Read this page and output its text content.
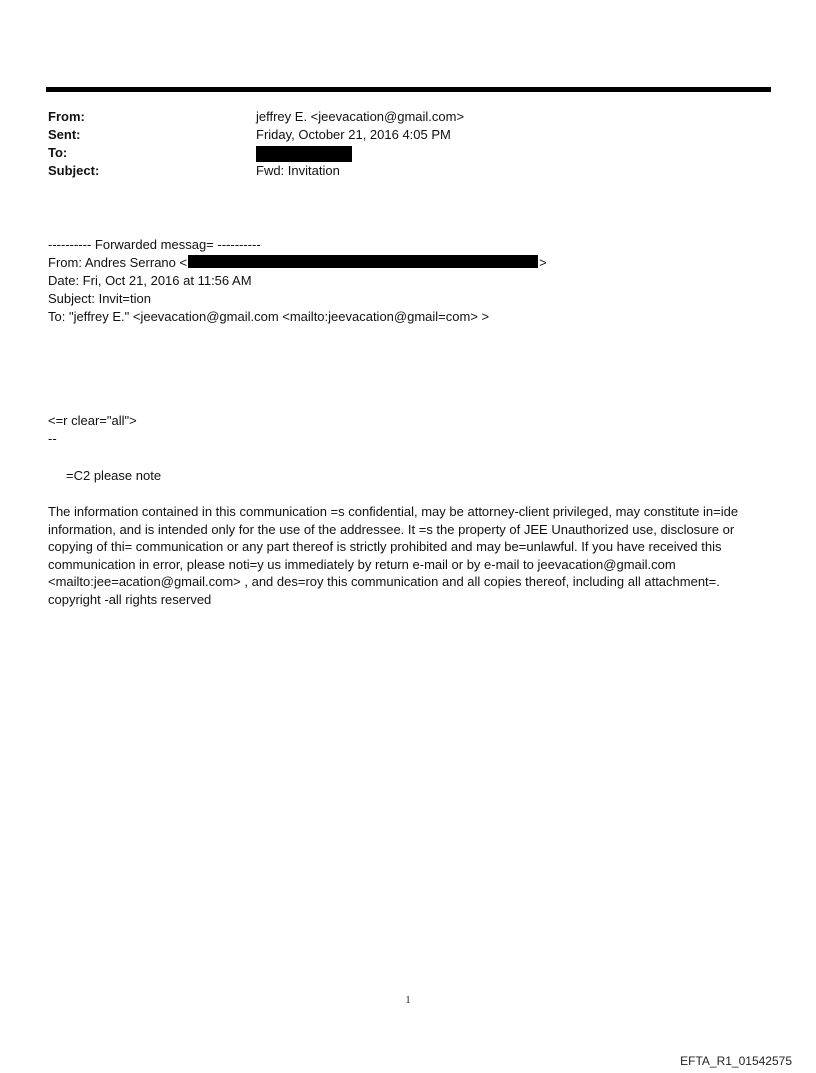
From:	jeffrey E. <jeevacation@gmail.com>
Sent:	Friday, October 21, 2016 4:05 PM
To:
Subject:	Fwd: Invitation
---------- Forwarded messag= ----------
From: Andres Serrano <	>
Date: Fri, Oct 21, 2016 at 11:56 AM
Subject: Invit=tion
To: "jeffrey E." <jeevacation@gmail.com <mailto:jeevacation@gmail=com> >
<=r clear="all">
--
=C2 please note
The information contained in this communication =s confidential, may be attorney-client privileged, may constitute in=ide information, and is intended only for the use of the addressee. It =s the property of JEE Unauthorized use, disclosure or copying of thi= communication or any part thereof is strictly prohibited and may be=unlawful. If you have received this communication in error, please noti=y us immediately by return e-mail or by e-mail to jeevacation@gmail.com <mailto:jee=acation@gmail.com> , and des=roy this communication and all copies thereof, including all attachment=. copyright -all rights reserved
1
EFTA_R1_01542575
